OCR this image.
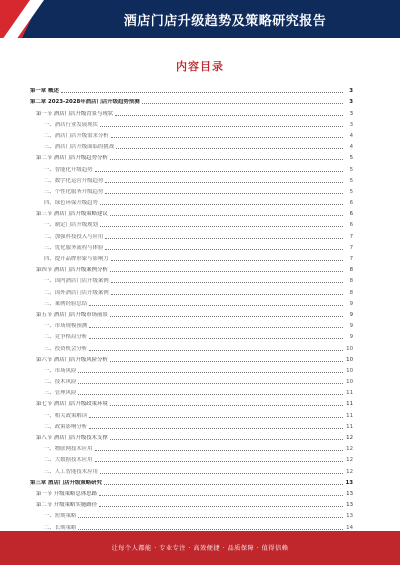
酒店门店升级趋势及策略研究报告
内容目录
第一章 概述	3
第二章 2023-2028年酒店门店升级趋势预测	3
第一节 酒店门店升级背景与现状	3
一、酒店行业发展现状	3
二、酒店门店升级需求分析	4
三、酒店门店升级面临的挑战	4
第二节 酒店门店升级趋势分析	5
一、智能化升级趋势	5
二、数字化运营升级趋势	5
三、个性化服务升级趋势	5
四、绿色环保升级趋势	6
第三节 酒店门店升级策略建议	6
一、制定门店升级规划	6
二、加强科技投入与应用	7
三、优化服务流程与体验	7
四、提升品牌形象与影响力	7
第四节 酒店门店升级案例分析	8
一、国内酒店门店升级案例	8
二、国外酒店门店升级案例	8
三、案例经验总结	9
第五节 酒店门店升级市场前景	9
一、市场规模预测	9
二、竞争格局分析	9
三、投资机会分析	10
第六节 酒店门店升级风险分析	10
一、市场风险	10
二、技术风险	10
三、管理风险	11
第七节 酒店门店升级政策环境	11
一、相关政策解读	11
二、政策影响分析	11
第八节 酒店门店升级技术支撑	12
一、物联网技术应用	12
二、大数据技术应用	12
三、人工智能技术应用	12
第三章 酒店门店升级策略研究	13
第一节 升级策略总体思路	13
第二节 升级策略实施路径	13
一、短期策略	13
二、长期策略	14
让每个人都能 · 专业专注 · 高效便捷 · 品质保障 · 值得信赖
